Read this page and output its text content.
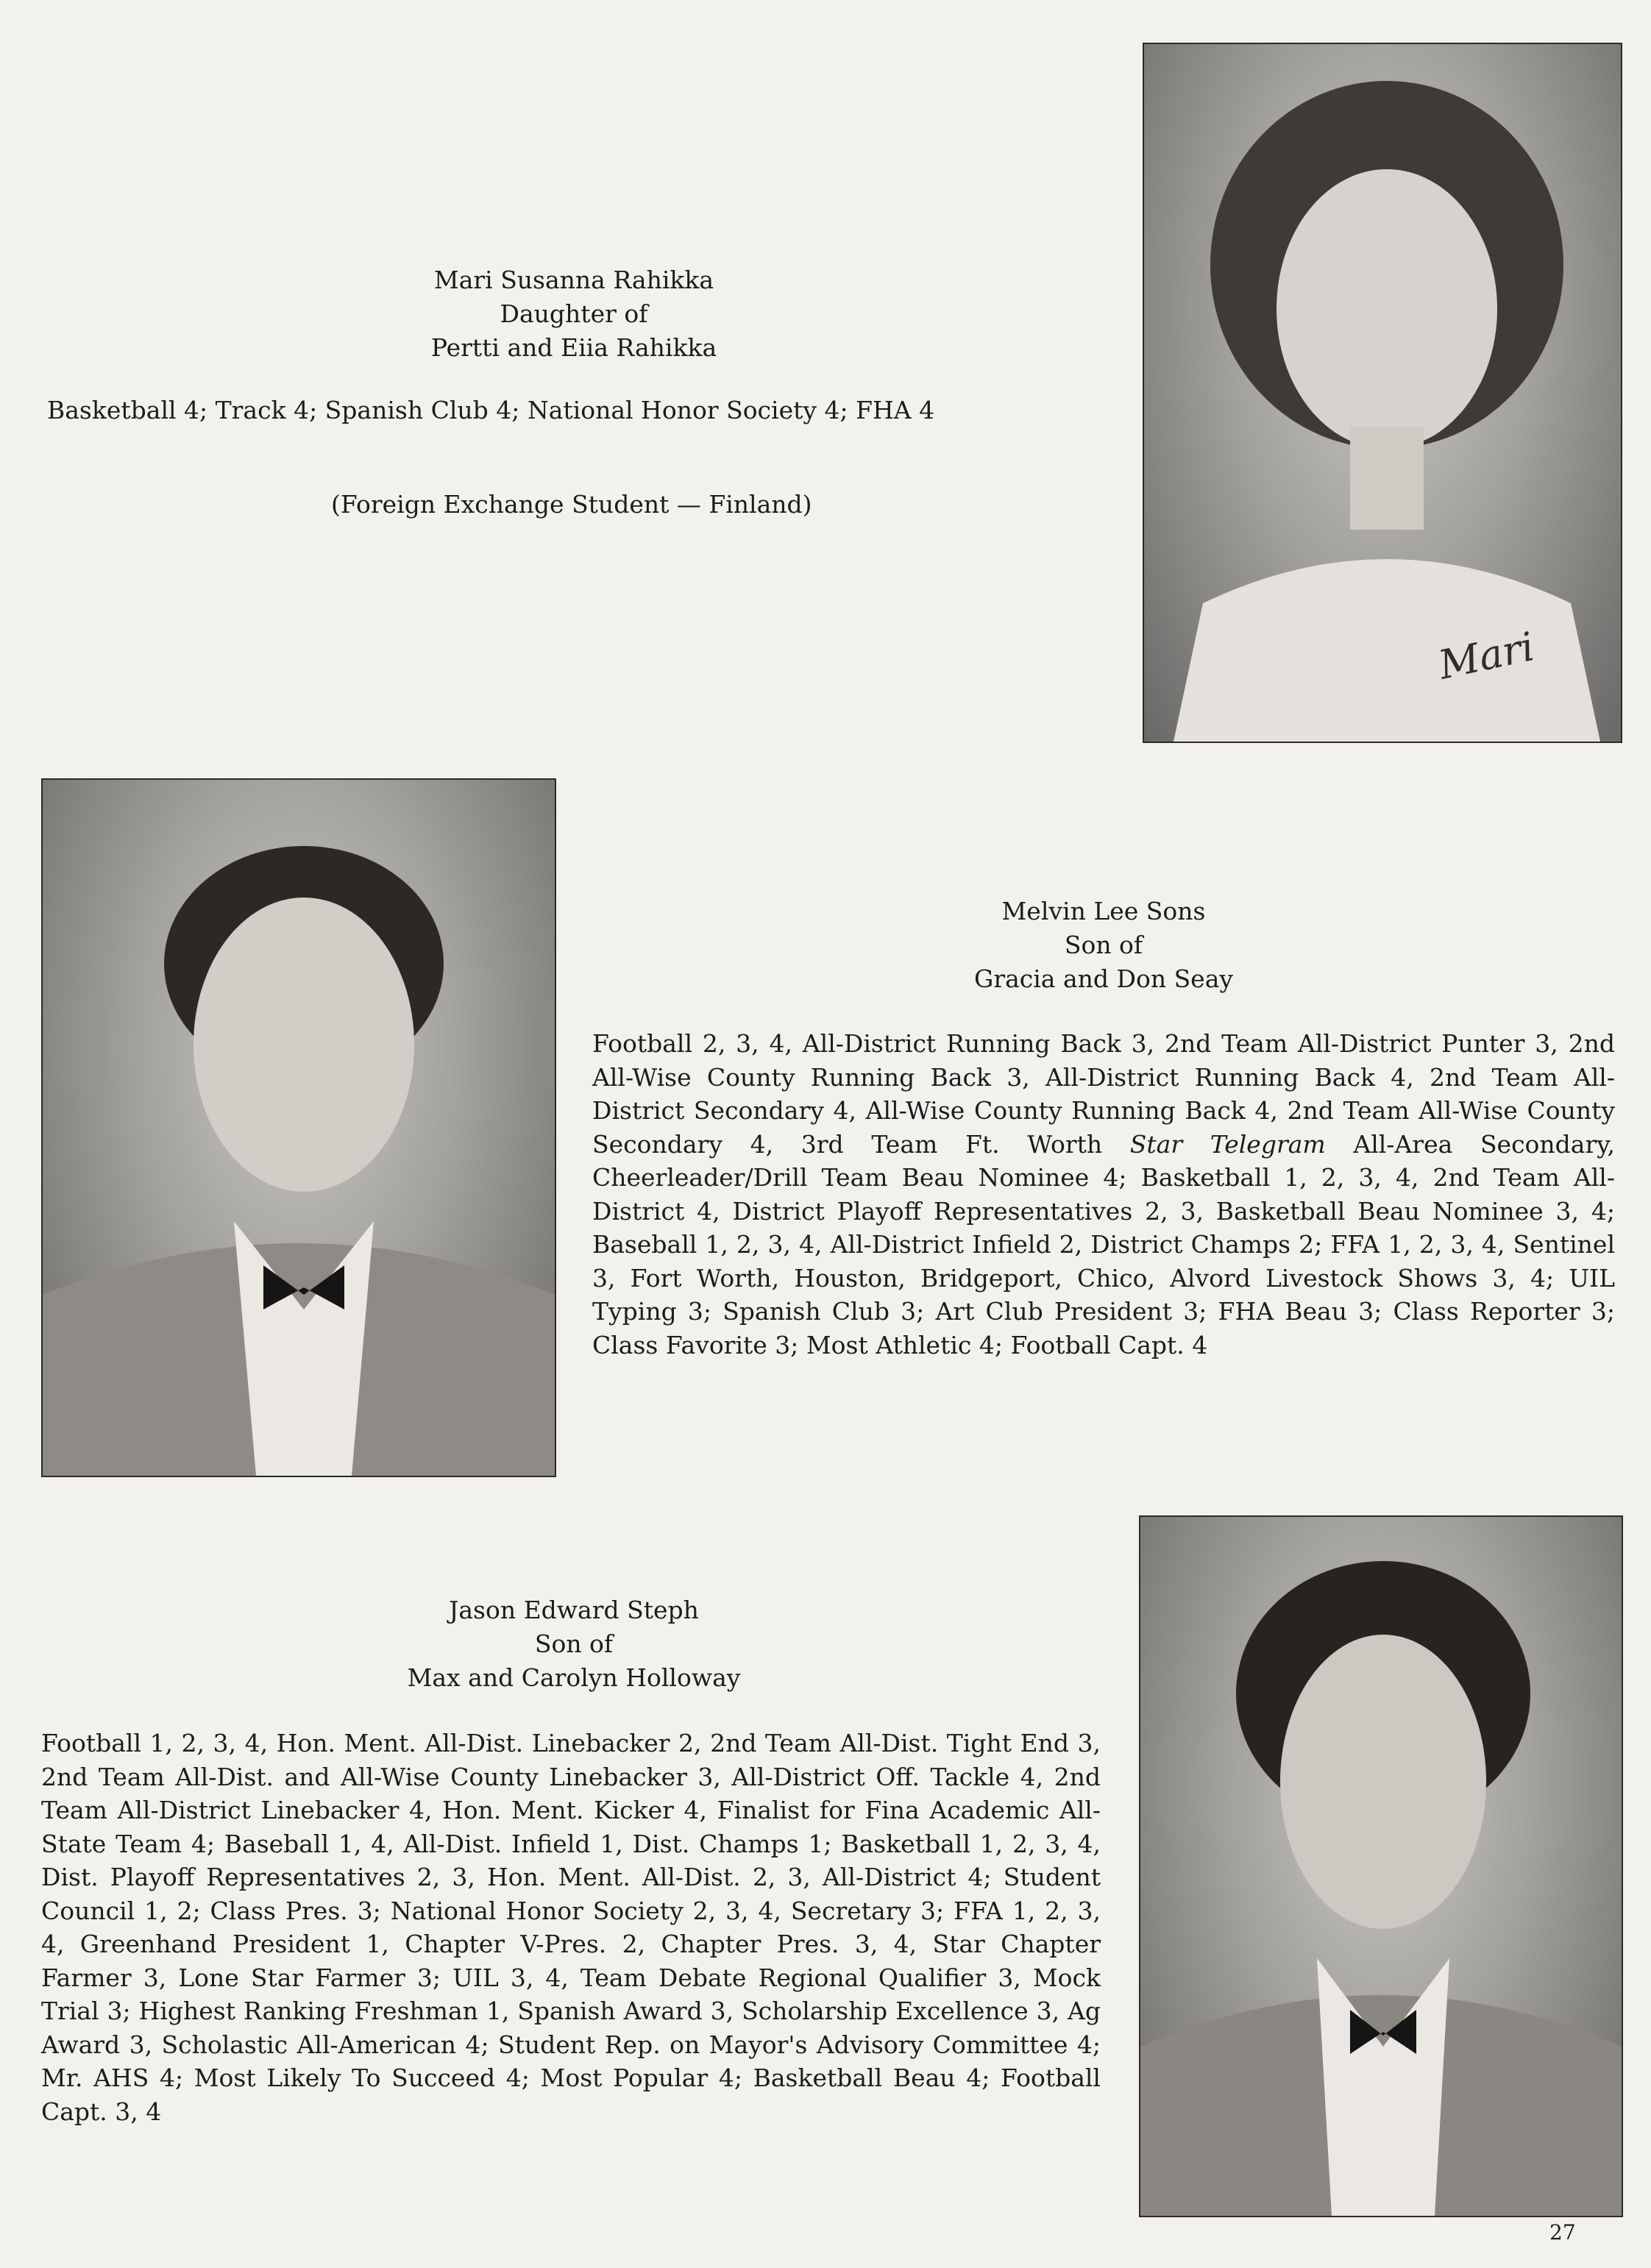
Mari
Mari Susanna Rahikka
Daughter of
Pertti and Eiia Rahikka
Basketball 4; Track 4; Spanish Club 4; National Honor Society 4; FHA 4
(Foreign Exchange Student — Finland)
Melvin Lee Sons
Son of
Gracia and Don Seay
Football 2, 3, 4, All-District Running Back 3, 2nd Team All-District Punter 3, 2nd All-Wise County Running Back 3, All-District Running Back 4, 2nd Team All-District Secondary 4, All-Wise County Running Back 4, 2nd Team All-Wise County Secondary 4, 3rd Team Ft. Worth Star Telegram All-Area Secondary, Cheerleader/Drill Team Beau Nominee 4; Basketball 1, 2, 3, 4, 2nd Team All-District 4, District Playoff Representatives 2, 3, Basketball Beau Nominee 3, 4; Baseball 1, 2, 3, 4, All-District Infield 2, District Champs 2; FFA 1, 2, 3, 4, Sentinel 3, Fort Worth, Houston, Bridgeport, Chico, Alvord Livestock Shows 3, 4; UIL Typing 3; Spanish Club 3; Art Club President 3; FHA Beau 3; Class Reporter 3; Class Favorite 3; Most Athletic 4; Football Capt. 4
Jason Edward Steph
Son of
Max and Carolyn Holloway
Football 1, 2, 3, 4, Hon. Ment. All-Dist. Linebacker 2, 2nd Team All-Dist. Tight End 3, 2nd Team All-Dist. and All-Wise County Linebacker 3, All-District Off. Tackle 4, 2nd Team All-District Linebacker 4, Hon. Ment. Kicker 4, Finalist for Fina Academic All-State Team 4; Baseball 1, 4, All-Dist. Infield 1, Dist. Champs 1; Basketball 1, 2, 3, 4, Dist. Playoff Representatives 2, 3, Hon. Ment. All-Dist. 2, 3, All-District 4; Student Council 1, 2; Class Pres. 3; National Honor Society 2, 3, 4, Secretary 3; FFA 1, 2, 3, 4, Greenhand President 1, Chapter V-Pres. 2, Chapter Pres. 3, 4, Star Chapter Farmer 3, Lone Star Farmer 3; UIL 3, 4, Team Debate Regional Qualifier 3, Mock Trial 3; Highest Ranking Freshman 1, Spanish Award 3, Scholarship Excellence 3, Ag Award 3, Scholastic All-American 4; Student Rep. on Mayor's Advisory Committee 4; Mr. AHS 4; Most Likely To Succeed 4; Most Popular 4; Basketball Beau 4; Football Capt. 3, 4
27
